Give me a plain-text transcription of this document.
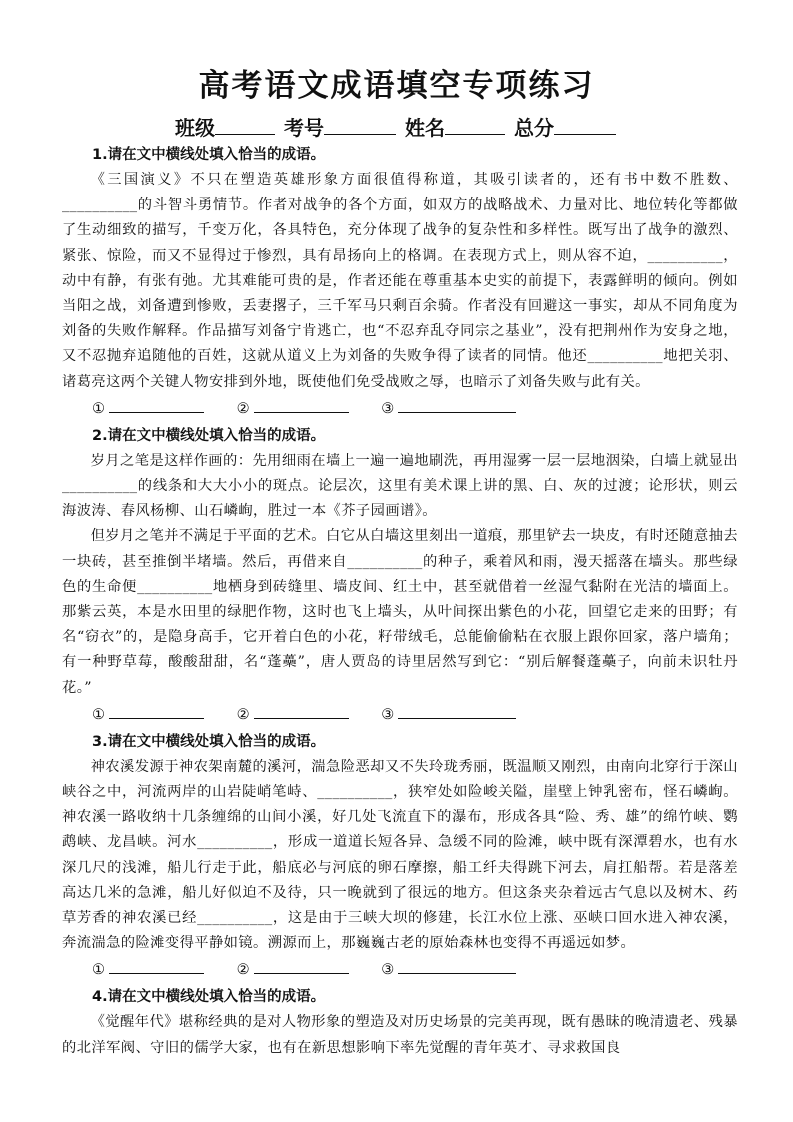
高考语文成语填空专项练习
班级	考号	姓名	总分

1.请在文中横线处填入恰当的成语。

《三国演义》不只在塑造英雄形象方面很值得称道，其吸引读者的，还有书中数不胜数、__________的斗智斗勇情节。作者对战争的各个方面，如双方的战略战术、力量对比、地位转化等都做了生动细致的描写，千变万化，各具特色，充分体现了战争的复杂性和多样性。既写出了战争的激烈、紧张、惊险，而又不显得过于惨烈，具有昂扬向上的格调。在表现方式上，则从容不迫，__________，动中有静，有张有弛。尤其难能可贵的是，作者还能在尊重基本史实的前提下，表露鲜明的倾向。例如当阳之战，刘备遭到惨败，丢妻撂子，三千军马只剩百余骑。作者没有回避这一事实，却从不同角度为刘备的失败作解释。作品描写刘备宁肯逃亡，也“不忍弃乱夺同宗之基业”，没有把荆州作为安身之地，又不忍抛弃追随他的百姓，这就从道义上为刘备的失败争得了读者的同情。他还__________地把关羽、诸葛亮这两个关键人物安排到外地，既使他们免受战败之辱，也暗示了刘备失败与此有关。

①	②	③

2.请在文中横线处填入恰当的成语。

岁月之笔是这样作画的：先用细雨在墙上一遍一遍地刷洗，再用湿雾一层一层地洇染，白墙上就显出__________的线条和大大小小的斑点。论层次，这里有美术课上讲的黑、白、灰的过渡；论形状，则云海波涛、春风杨柳、山石嶙峋，胜过一本《芥子园画谱》。

但岁月之笔并不满足于平面的艺术。白它从白墙这里刻出一道痕，那里铲去一块皮，有时还随意抽去一块砖，甚至推倒半堵墙。然后，再借来自__________的种子，乘着风和雨，漫天摇落在墙头。那些绿色的生命便__________地栖身到砖缝里、墙皮间、红土中，甚至就借着一丝湿气黏附在光洁的墙面上。那紫云英，本是水田里的绿肥作物，这时也飞上墙头，从叶间探出紫色的小花，回望它走来的田野；有名“窃衣”的，是隐身高手，它开着白色的小花，籽带绒毛，总能偷偷粘在衣服上跟你回家，落户墙角；有一种野草莓，酸酸甜甜，名“蓬蘽”，唐人贾岛的诗里居然写到它：“别后解餐蓬蘽子，向前未识牡丹花。”

①	②	③

3.请在文中横线处填入恰当的成语。

神农溪发源于神农架南麓的溪河，湍急险恶却又不失玲珑秀丽，既温顺又刚烈，由南向北穿行于深山峡谷之中，河流两岸的山岩陡峭笔峙、__________，狭窄处如险峻关隘，崖壁上钟乳密布，怪石嶙峋。神农溪一路收纳十几条缠绵的山间小溪，好几处飞流直下的瀑布，形成各具“险、秀、雄”的绵竹峡、鹦鹉峡、龙昌峡。河水__________，形成一道道长短各异、急缓不同的险滩，峡中既有深潭碧水，也有水深几尺的浅滩，船儿行走于此，船底必与河底的卵石摩擦，船工纤夫得跳下河去，肩扛船帮。若是落差高达几米的急滩，船儿好似迫不及待，只一晚就到了很远的地方。但这条夹杂着远古气息以及树木、药草芳香的神农溪已经__________，这是由于三峡大坝的修建，长江水位上涨、巫峡口回水进入神农溪，奔流湍急的险滩变得平静如镜。溯源而上，那巍巍古老的原始森林也变得不再遥远如梦。

①	②	③

4.请在文中横线处填入恰当的成语。

《觉醒年代》堪称经典的是对人物形象的塑造及对历史场景的完美再现，既有愚昧的晚清遗老、残暴的北洋军阀、守旧的儒学大家，也有在新思想影响下率先觉醒的青年英才、寻求救国良
